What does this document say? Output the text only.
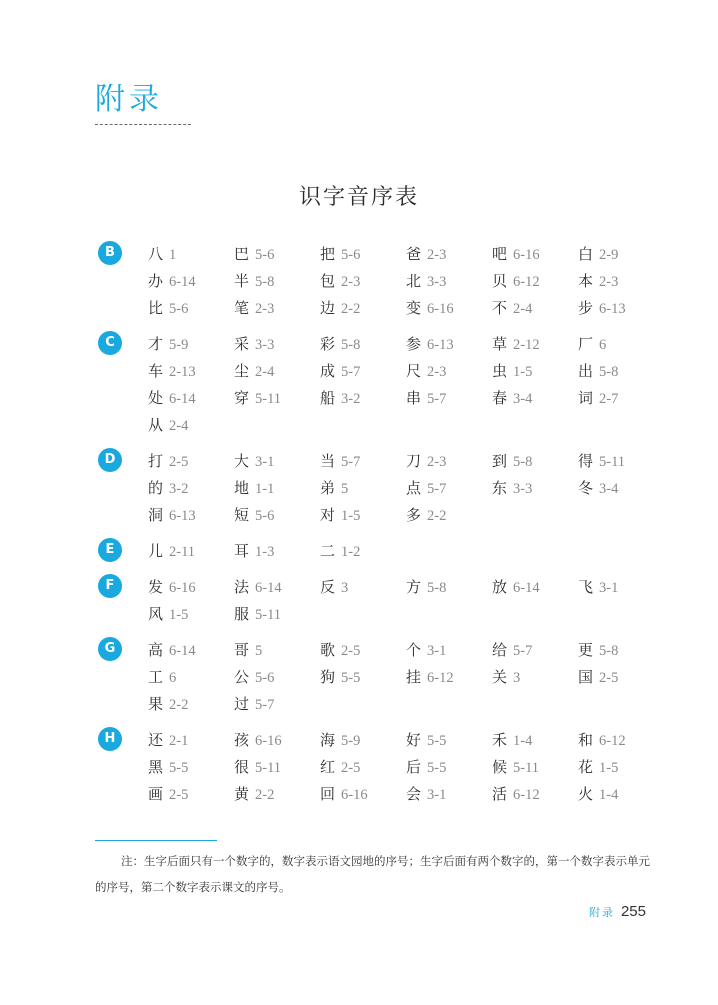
附录
识字音序表
B	八 1	巴 5-6	把 5-6	爸 2-3	吧 6-16	白 2-9
办 6-14	半 5-8	包 2-3	北 3-3	贝 6-12	本 2-3
比 5-6	笔 2-3	边 2-2	变 6-16	不 2-4	步 6-13
C	才 5-9	采 3-3	彩 5-8	参 6-13	草 2-12	厂 6
车 2-13	尘 2-4	成 5-7	尺 2-3	虫 1-5	出 5-8
处 6-14	穿 5-11	船 3-2	串 5-7	春 3-4	词 2-7
从 2-4
D	打 2-5	大 3-1	当 5-7	刀 2-3	到 5-8	得 5-11
的 3-2	地 1-1	弟 5	点 5-7	东 3-3	冬 3-4
洞 6-13	短 5-6	对 1-5	多 2-2
E	儿 2-11	耳 1-3	二 1-2
F	发 6-16	法 6-14	反 3	方 5-8	放 6-14	飞 3-1
风 1-5	服 5-11
G	高 6-14	哥 5	歌 2-5	个 3-1	给 5-7	更 5-8
工 6	公 5-6	狗 5-5	挂 6-12	关 3	国 2-5
果 2-2	过 5-7
H	还 2-1	孩 6-16	海 5-9	好 5-5	禾 1-4	和 6-12
黑 5-5	很 5-11	红 2-5	后 5-5	候 5-11	花 1-5
画 2-5	黄 2-2	回 6-16	会 3-1	活 6-12	火 1-4

注：生字后面只有一个数字的，数字表示语文园地的序号；生字后面有两个数字的，第一个数字表示单元的序号，第二个数字表示课文的序号。

附录 255
